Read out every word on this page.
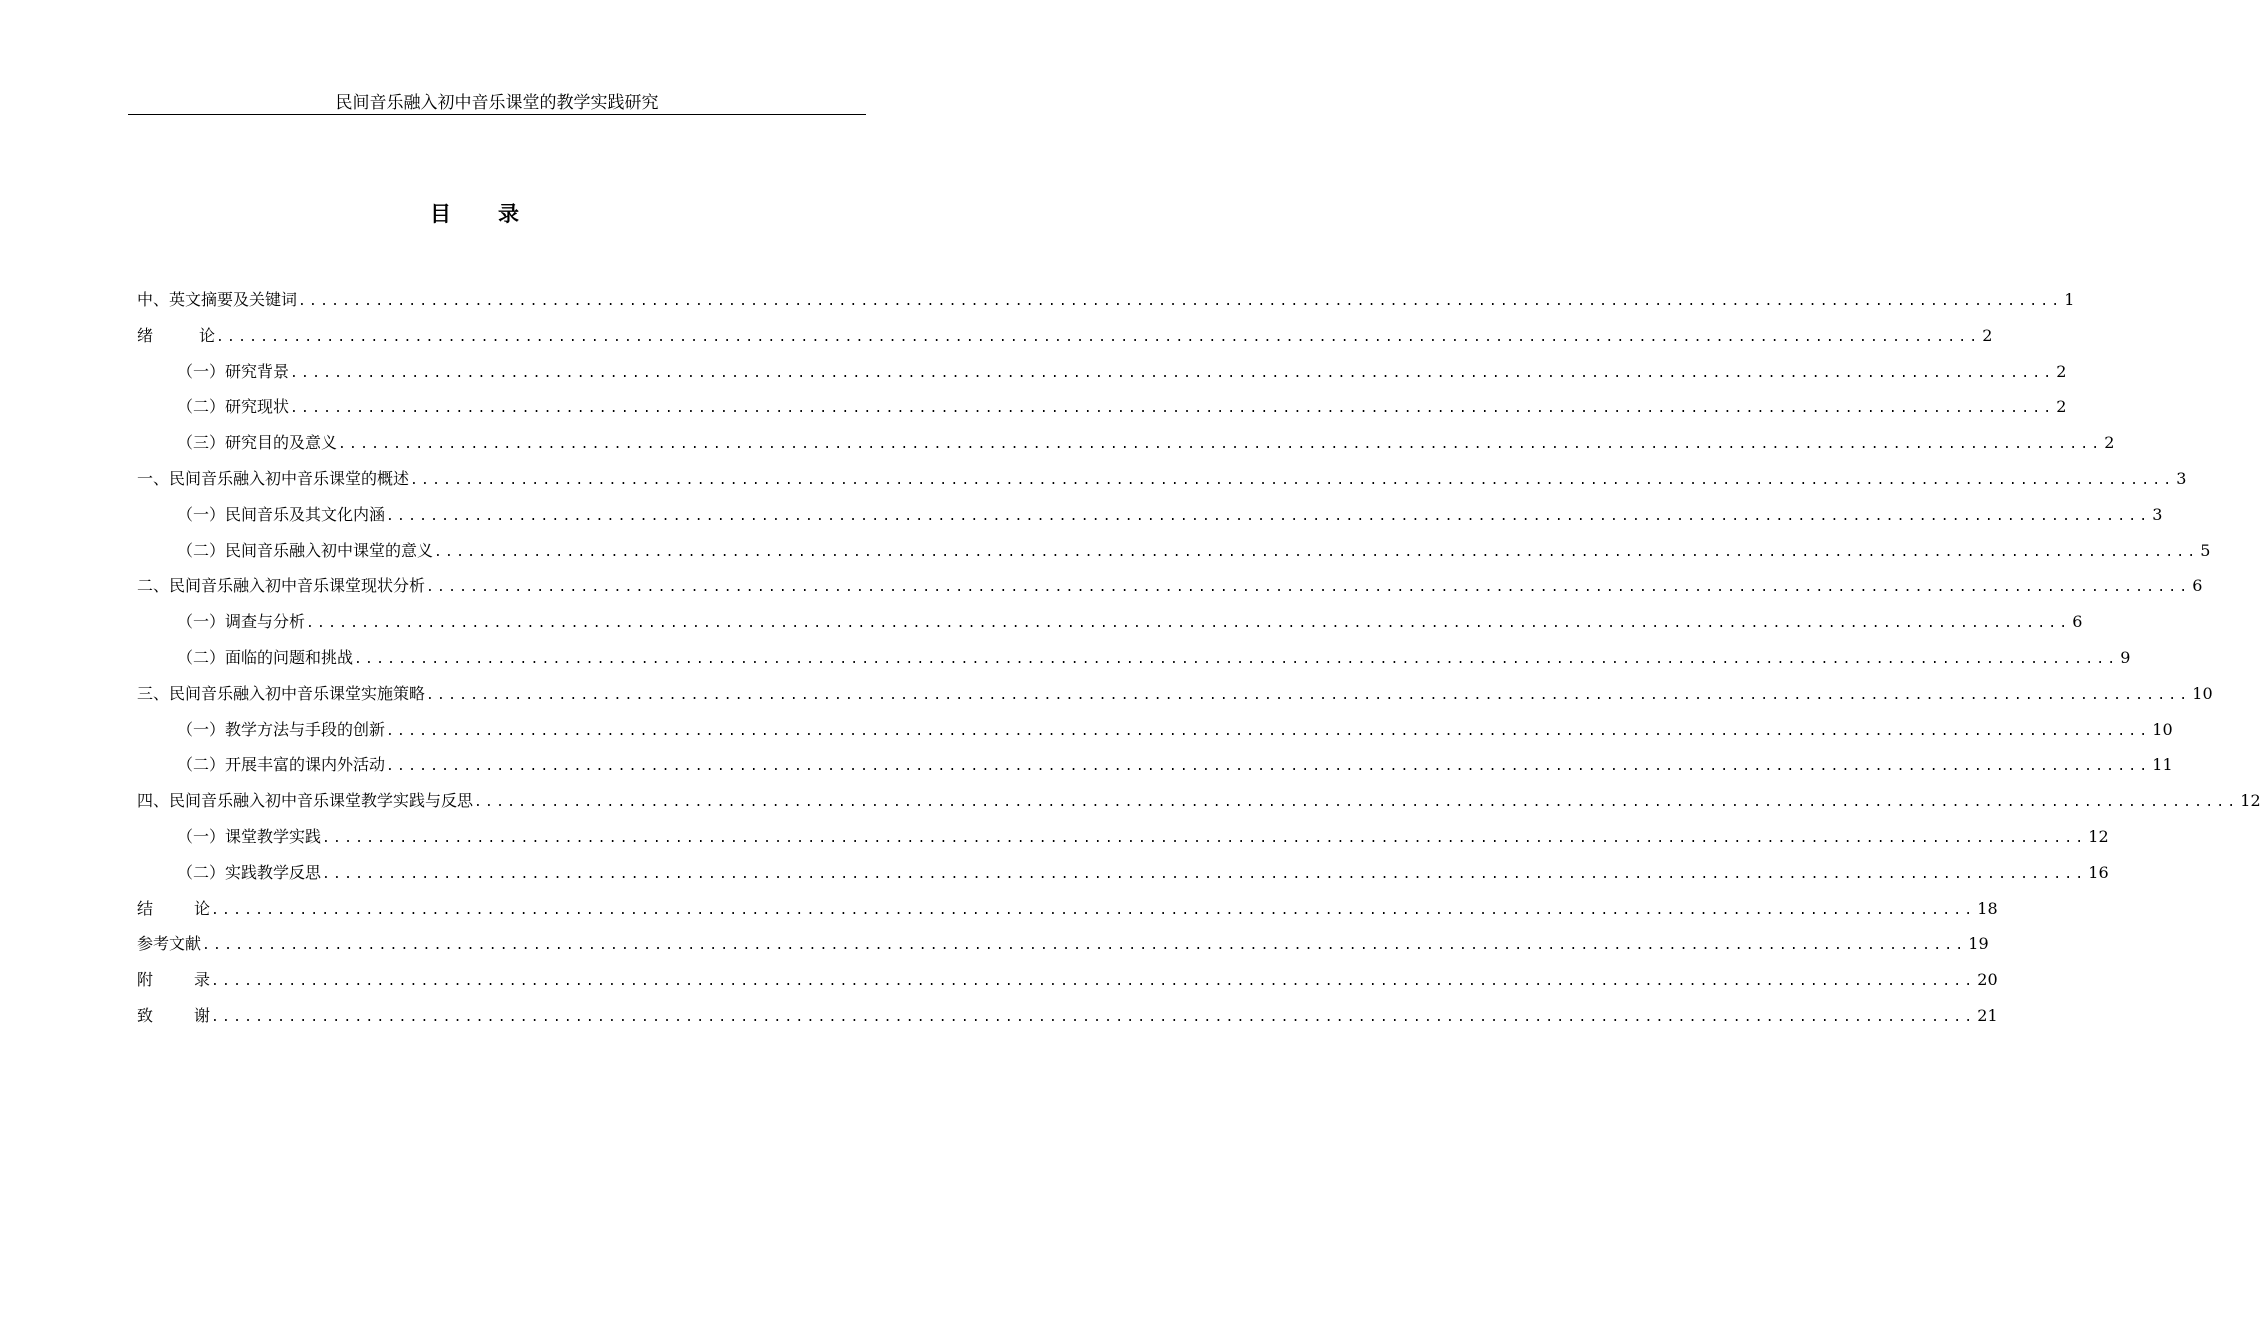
民间音乐融入初中音乐课堂的教学实践研究
目 录
中、英文摘要及关键词 ................................................................................................................................................................ 1
绪	论 ................................................................................................................................................................ 2
（一）研究背景 ................................................................................................................................................................ 2
（二）研究现状 ................................................................................................................................................................ 2
（三）研究目的及意义 ................................................................................................................................................................ 2
一、民间音乐融入初中音乐课堂的概述 ................................................................................................................................................................ 3
（一）民间音乐及其文化内涵 ................................................................................................................................................................ 3
（二）民间音乐融入初中课堂的意义 ................................................................................................................................................................ 5
二、民间音乐融入初中音乐课堂现状分析 ................................................................................................................................................................ 6
（一）调查与分析 ................................................................................................................................................................ 6
（二）面临的问题和挑战 ................................................................................................................................................................ 9
三、民间音乐融入初中音乐课堂实施策略 ................................................................................................................................................................ 10
（一）教学方法与手段的创新 ................................................................................................................................................................ 10
（二）开展丰富的课内外活动 ................................................................................................................................................................ 11
四、民间音乐融入初中音乐课堂教学实践与反思 ................................................................................................................................................................ 12
（一）课堂教学实践 ................................................................................................................................................................ 12
（二）实践教学反思 ................................................................................................................................................................ 16
结	论 ................................................................................................................................................................ 18
参考文献 ................................................................................................................................................................ 19
附	录 ................................................................................................................................................................ 20
致	谢 ................................................................................................................................................................ 21
